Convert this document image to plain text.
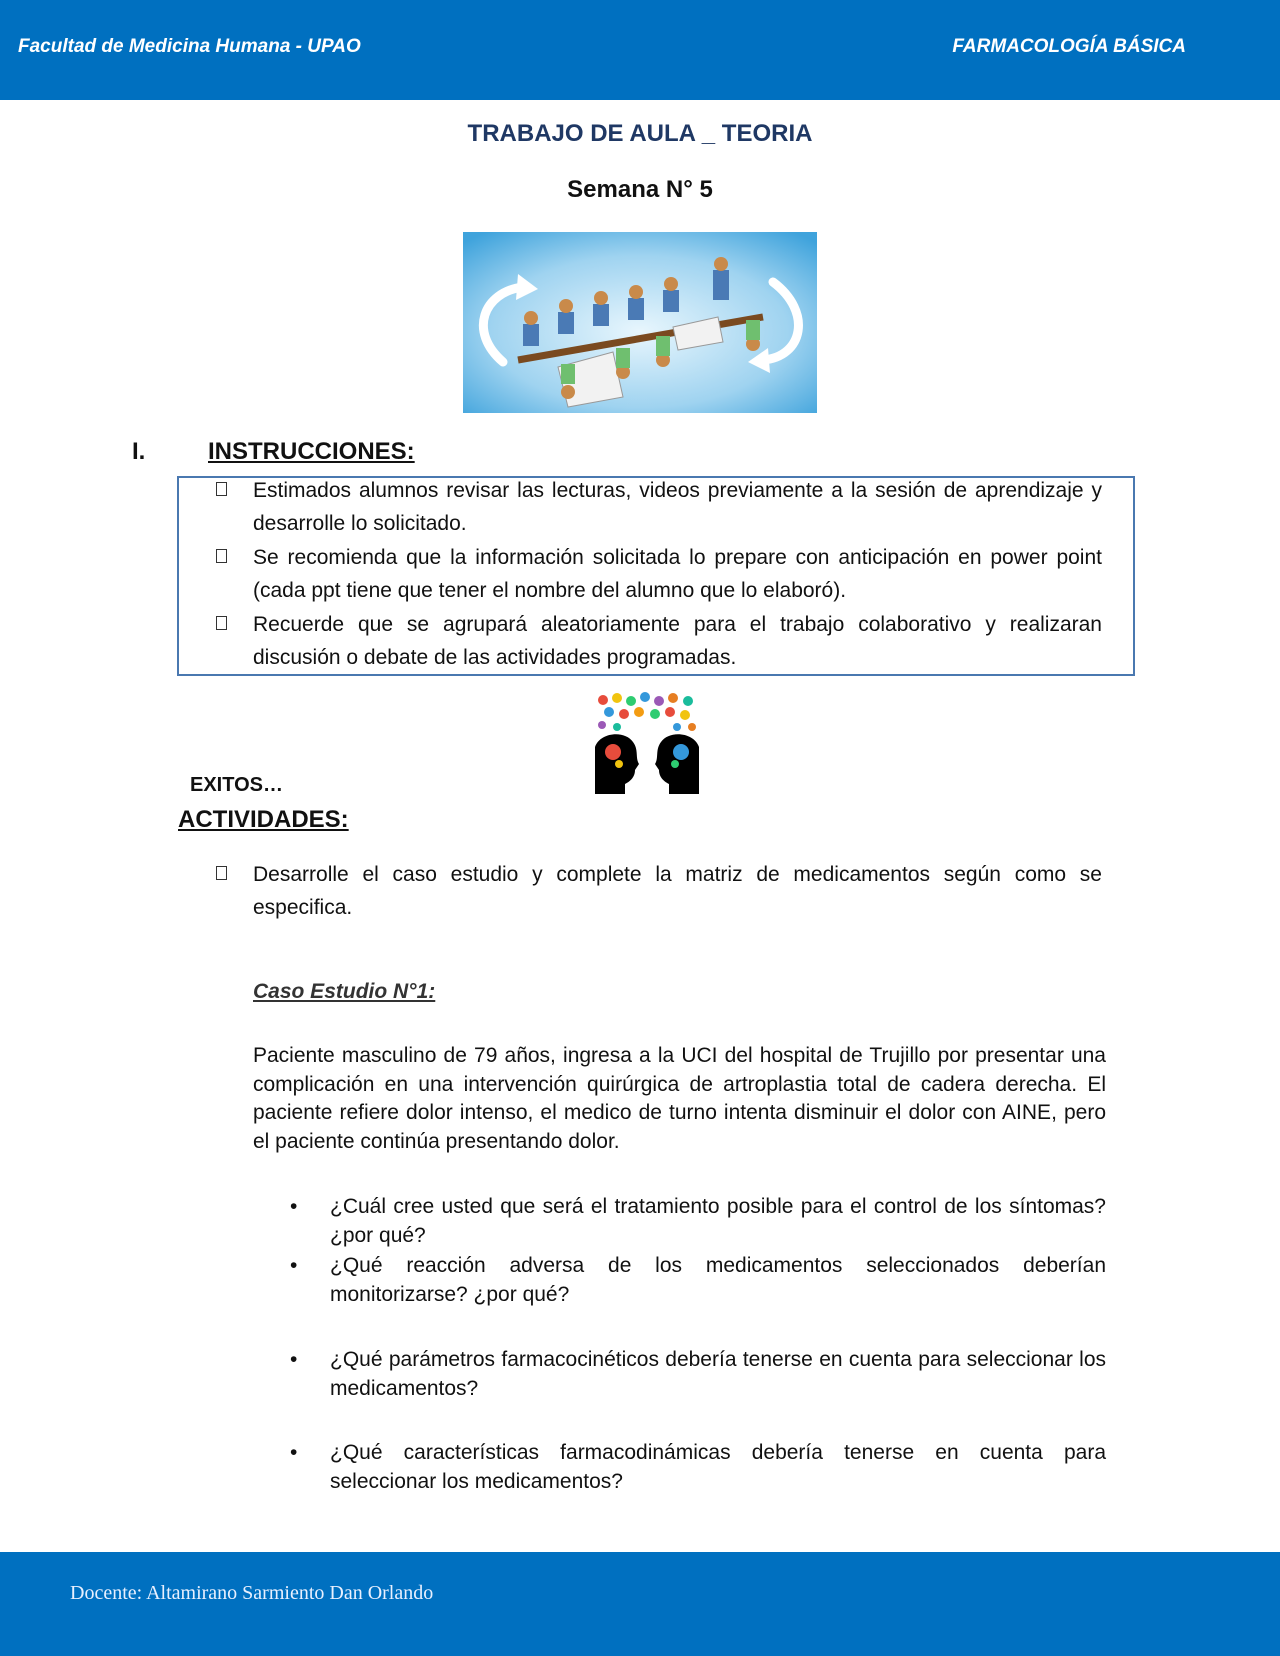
Facultad de Medicina Humana - UPAO	FARMACOLOGÍA BÁSICA
TRABAJO DE AULA _ TEORIA
Semana N° 5
I.	INSTRUCCIONES:
Estimados alumnos revisar las lecturas, videos previamente a la sesión de aprendizaje y desarrolle lo solicitado.
Se recomienda que la información solicitada lo prepare con anticipación en power point (cada ppt tiene que tener el nombre del alumno que lo elaboró).
Recuerde que se agrupará aleatoriamente para el trabajo colaborativo y realizaran discusión o debate de las actividades programadas.
EXITOS…
ACTIVIDADES:
Desarrolle el caso estudio y complete la matriz de medicamentos según como se especifica.
Caso Estudio N°1:
Paciente masculino de 79 años, ingresa a la UCI del hospital de Trujillo por presentar una complicación en una intervención quirúrgica de artroplastia total de cadera derecha. El paciente refiere dolor intenso, el medico de turno intenta disminuir el dolor con AINE, pero el paciente continúa presentando dolor.
• ¿Cuál cree usted que será el tratamiento posible para el control de los síntomas? ¿por qué?
• ¿Qué reacción adversa de los medicamentos seleccionados deberían monitorizarse? ¿por qué?
• ¿Qué parámetros farmacocinéticos debería tenerse en cuenta para seleccionar los medicamentos?
• ¿Qué características farmacodinámicas debería tenerse en cuenta para seleccionar los medicamentos?
Docente: Altamirano Sarmiento Dan Orlando
